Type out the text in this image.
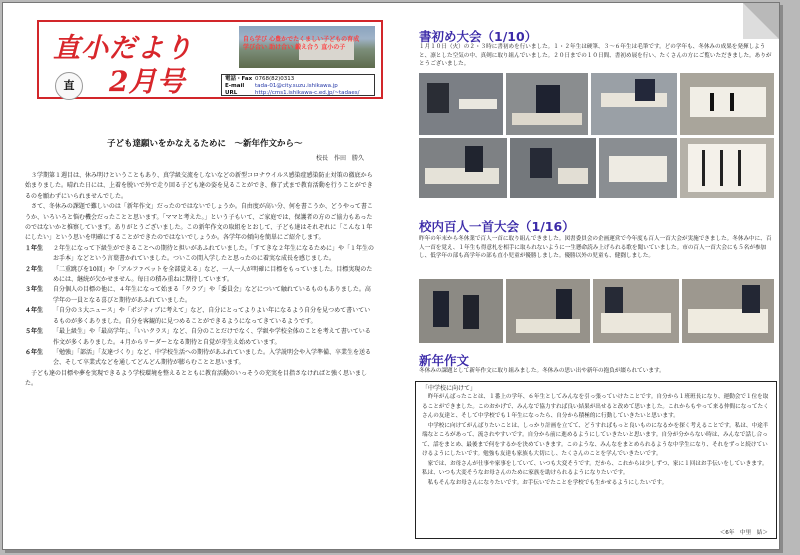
直小だより
2月号
直
自ら学び 心豊かでたくましい子どもの育成　学び合い 助け合い 鍛え合う 直小の子
電話・Fax 0768(82)0313
E-mail	tada-01@city.suzu.ishikawa.jp
URL	http://cms1.ishikawa-c.ed.jp/~tadaes/
子ども達願いをかなえるために　～新年作文から～
校長　作田　勝久

３学期第１週目は、休み明けということもあり、真学級交流をしないなどの新型コロナウイルス感染症感染防止対策の徹底から始まりました。晴れた日には、上着を脱いで外で走り回る子ども達の姿を見ることができ、修了式まで教育活動を行うことができるのを願わずにいられませんでした。

さて、冬休みの課題で難しいのは「新年作文」だったのではないでしょうか。自由度が高い分、何を書こうか、どうやって書こうか、いろいろと悩む機会だったことと思います。「ママと考えた。」という子もいて、ご家庭では、保護者の方のご協力もあったのではないかと推察しています。ありがとうございました。この新年作文の取組をとおして、子ども達はそれぞれに「こんな１年にしたい」という思いを明確にすることができたのではないでしょうか。各学年の傾向を簡単にご紹介します。

１年生	２年生になって下級生ができることへの期待と担いがあふれていました。「すてきな２年生になるために」や「１年生のお手本」などという言葉書かれていました。ついこの間入学したと思ったのに着実な成長を感じました。
２年生	「二重跳びを10回」や「アルファベットを全部覚える」など、一人一人が明確に目標をもっていました。目標実現のためには、継続が欠かせません。毎日の積み重ねに期待しています。
３年生	自分個人の目標の他に、４年生になって始まる「クラブ」や「委員会」などについて触れているものもありました。高学年の一員となる喜びと期待があふれていました。
４年生	「自分の３大ニュース」や「ポジティブに考えて」など、自分にとってよりよい年になるよう自分を見つめて書いているものが多くありました。自分を客観的に見つめることができるようになってきているようです。
５年生	「最上級生」や「最高学年」、「いいクラス」など、自分のことだけでなく、学級や学校全体のことを考えて書いている作文が多くありました。４月からリーダーとなる期待と自覚が芽生え始めています。
６年生	「勉強」「部活」「友達づくり」など、中学校生活への期待があふれていました。入学説明会や入学準備、卒業生を送る会、そして卒業式などを通してどんどん期待が膨らむことと思います。

子ども達の目標や夢を実現できるよう学校環境を整えるとともに教育活動のいっそうの充実を目指さなければと強く思いました。

書初め大会（1/10）
１月１０日（火）の２・３時に書初めを行いました。１・２年生は硬筆、３～６年生は毛筆です。どの学年も、冬休みの成果を発揮しようと、凛とした空気の中、真剣に取り組んでいました。２０日までの１０日間、書初め展を行い、たくさんの方にご覧いただきました。ありがとうございました。
校内百人一首大会（1/16）
昨年の年末から冬休業で百人一首に取り組んできました。図書委員会の企画運営で今年度も百人一首大会が実施できました。冬休み中に、百人一首を覚え、１年生も得意札を相手に取られないように一生懸命読み上げられる歌を聞いていました。市の百人一首大会にも５名が参加し、低学年の部も高学年の部も直小児童が優勝しました。優勝以外の児童も、健闘しました。
新年作文
冬休みの課題として新年作文に取り組みました。冬休みの思い出や新年の抱負が綴られています。
「中学校に向けて」

昨年がんばったことは、１番上の学年、６年生としてみんなを引っ張っていけたことです。自分から１班班長になり、運動会で１位を取ることができました。このおかげで、みんなで協力すれば良い結果が出せると改めて思いました。これからもやって来る仲間になってたくさんの友達と、そして中学校でも１年生になったら、自分から積極的に行動していきたいと思います。

中学校に向けてがんばりたいことは、しっかり計画を立てて、どうすればもっと良いものになるかを探く考えることです。私は、中途半端なところがあって、流されやすいです。自分から前に進めるようにしていきたいと思います。自分が分からない時は、みんなで話し合って、話をまとめ、最後まで何をするかを決めていきます。このような、みんなをまとめられるような中学生になり、それをずっと続けていけるようにしたいです。勉強も友達も家族も大切にし、たくさんのことを学んでいきたいです。

家では、お母さんが仕事や家事をしていて、いつも大変そうです。だから、これからは少しずつ、家に１回はお手伝いをしていきます。私は、いつも大変そうなお母さんのために家族を助けられるようになりたいです。

私もそんなお母さんになりたいです。お手伝いでたことを学校でも生かせるようにしたいです。

＜6年　中里　結＞
